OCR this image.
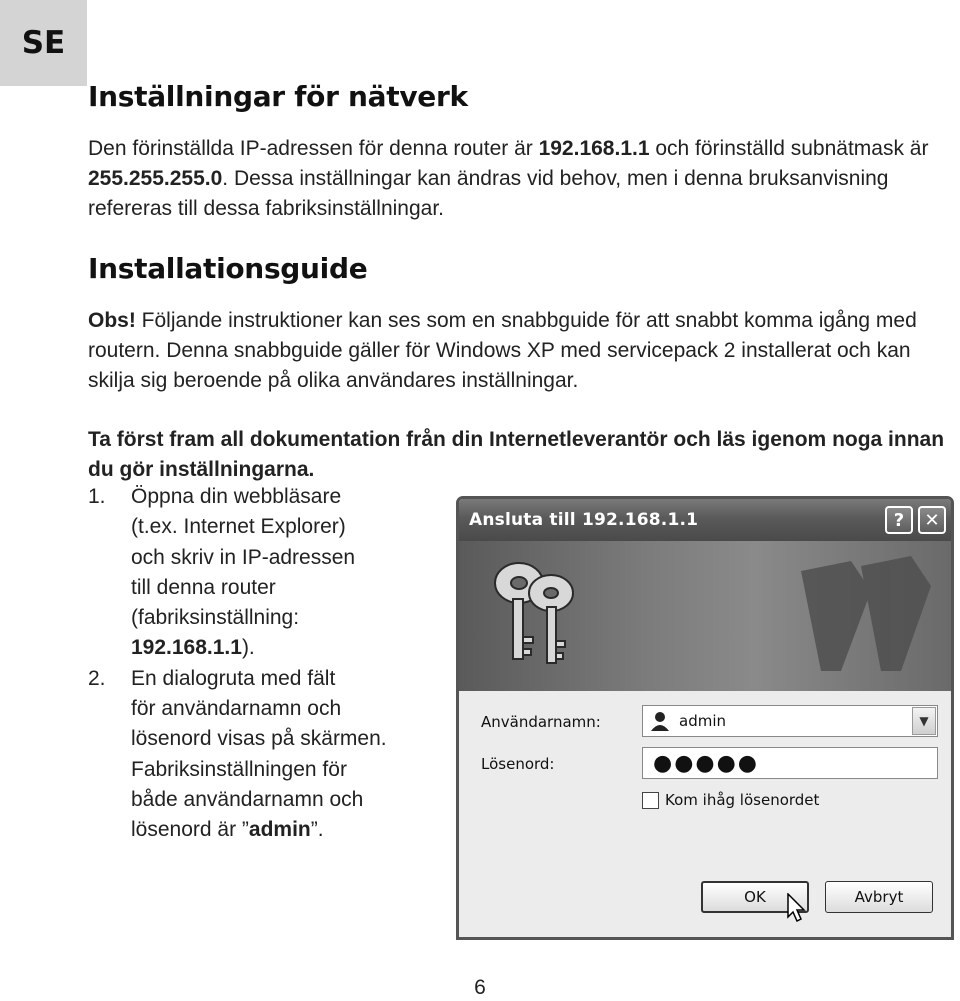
SE
Inställningar för nätverk

Den förinställda IP-adressen för denna router är 192.168.1.1 och förinställd subnätmask är 255.255.255.0. Dessa inställningar kan ändras vid behov, men i denna bruksanvisning refereras till dessa fabriksinställningar.

Installationsguide

Obs! Följande instruktioner kan ses som en snabbguide för att snabbt komma igång med routern. Denna snabbguide gäller för Windows XP med servicepack 2 installerat och kan skilja sig beroende på olika användares inställningar.

Ta först fram all dokumentation från din Internetleverantör och läs igenom noga innan du gör inställningarna.

1.	Öppna din webbläsare
(t.ex. Internet Explorer)
och skriv in IP-adressen
till denna router
(fabriksinställning:
192.168.1.1).
2.	En dialogruta med fält
för användarnamn och
lösenord visas på skärmen.
Fabriksinställningen för
både användarnamn och
lösenord är ”admin”.
Ansluta till 192.168.1.1	?	✕
Användarnamn:	admin	▼
Lösenord:	●●●●●
Kom ihåg lösenordet
OK	Avbryt
6
